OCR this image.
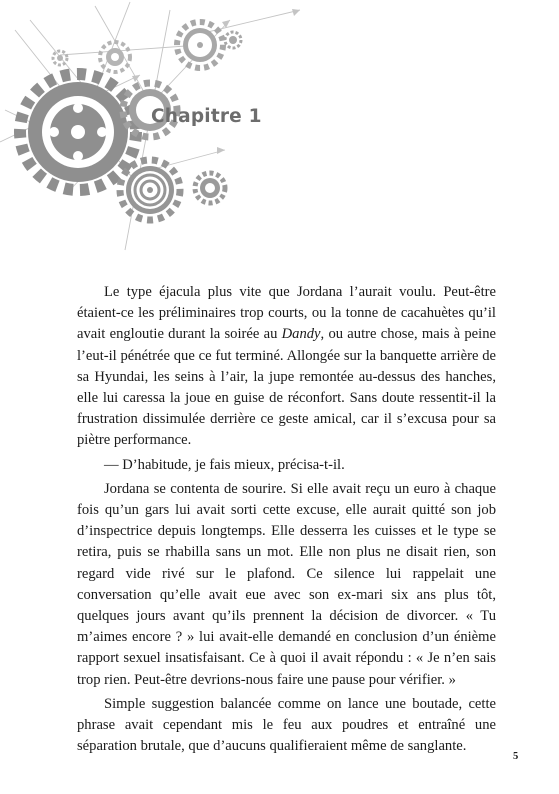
Chapitre 1

Le type éjacula plus vite que Jordana l’aurait voulu. Peut-être étaient-ce les préliminaires trop courts, ou la tonne de cacahuètes qu’il avait engloutie durant la soirée au Dandy, ou autre chose, mais à peine l’eut-il pénétrée que ce fut terminé. Allongée sur la banquette arrière de sa Hyundai, les seins à l’air, la jupe remontée au-dessus des hanches, elle lui caressa la joue en guise de réconfort. Sans doute ressentit-il la frustration dissimulée derrière ce geste amical, car il s’excusa pour sa piètre performance.

— D’habitude, je fais mieux, précisa-t-il.

Jordana se contenta de sourire. Si elle avait reçu un euro à chaque fois qu’un gars lui avait sorti cette excuse, elle aurait quitté son job d’inspectrice depuis longtemps. Elle desserra les cuisses et le type se retira, puis se rhabilla sans un mot. Elle non plus ne disait rien, son regard vide rivé sur le plafond. Ce silence lui rappelait une conversation qu’elle avait eue avec son ex-mari six ans plus tôt, quelques jours avant qu’ils prennent la décision de divorcer. « Tu m’aimes encore ? » lui avait-elle demandé en conclusion d’un énième rapport sexuel insatisfaisant. Ce à quoi il avait répondu : « Je n’en sais trop rien. Peut-être devrions-nous faire une pause pour vérifier. »

Simple suggestion balancée comme on lance une boutade, cette phrase avait cependant mis le feu aux poudres et entraîné une séparation brutale, que d’aucuns qualifieraient même de sanglante.

5
